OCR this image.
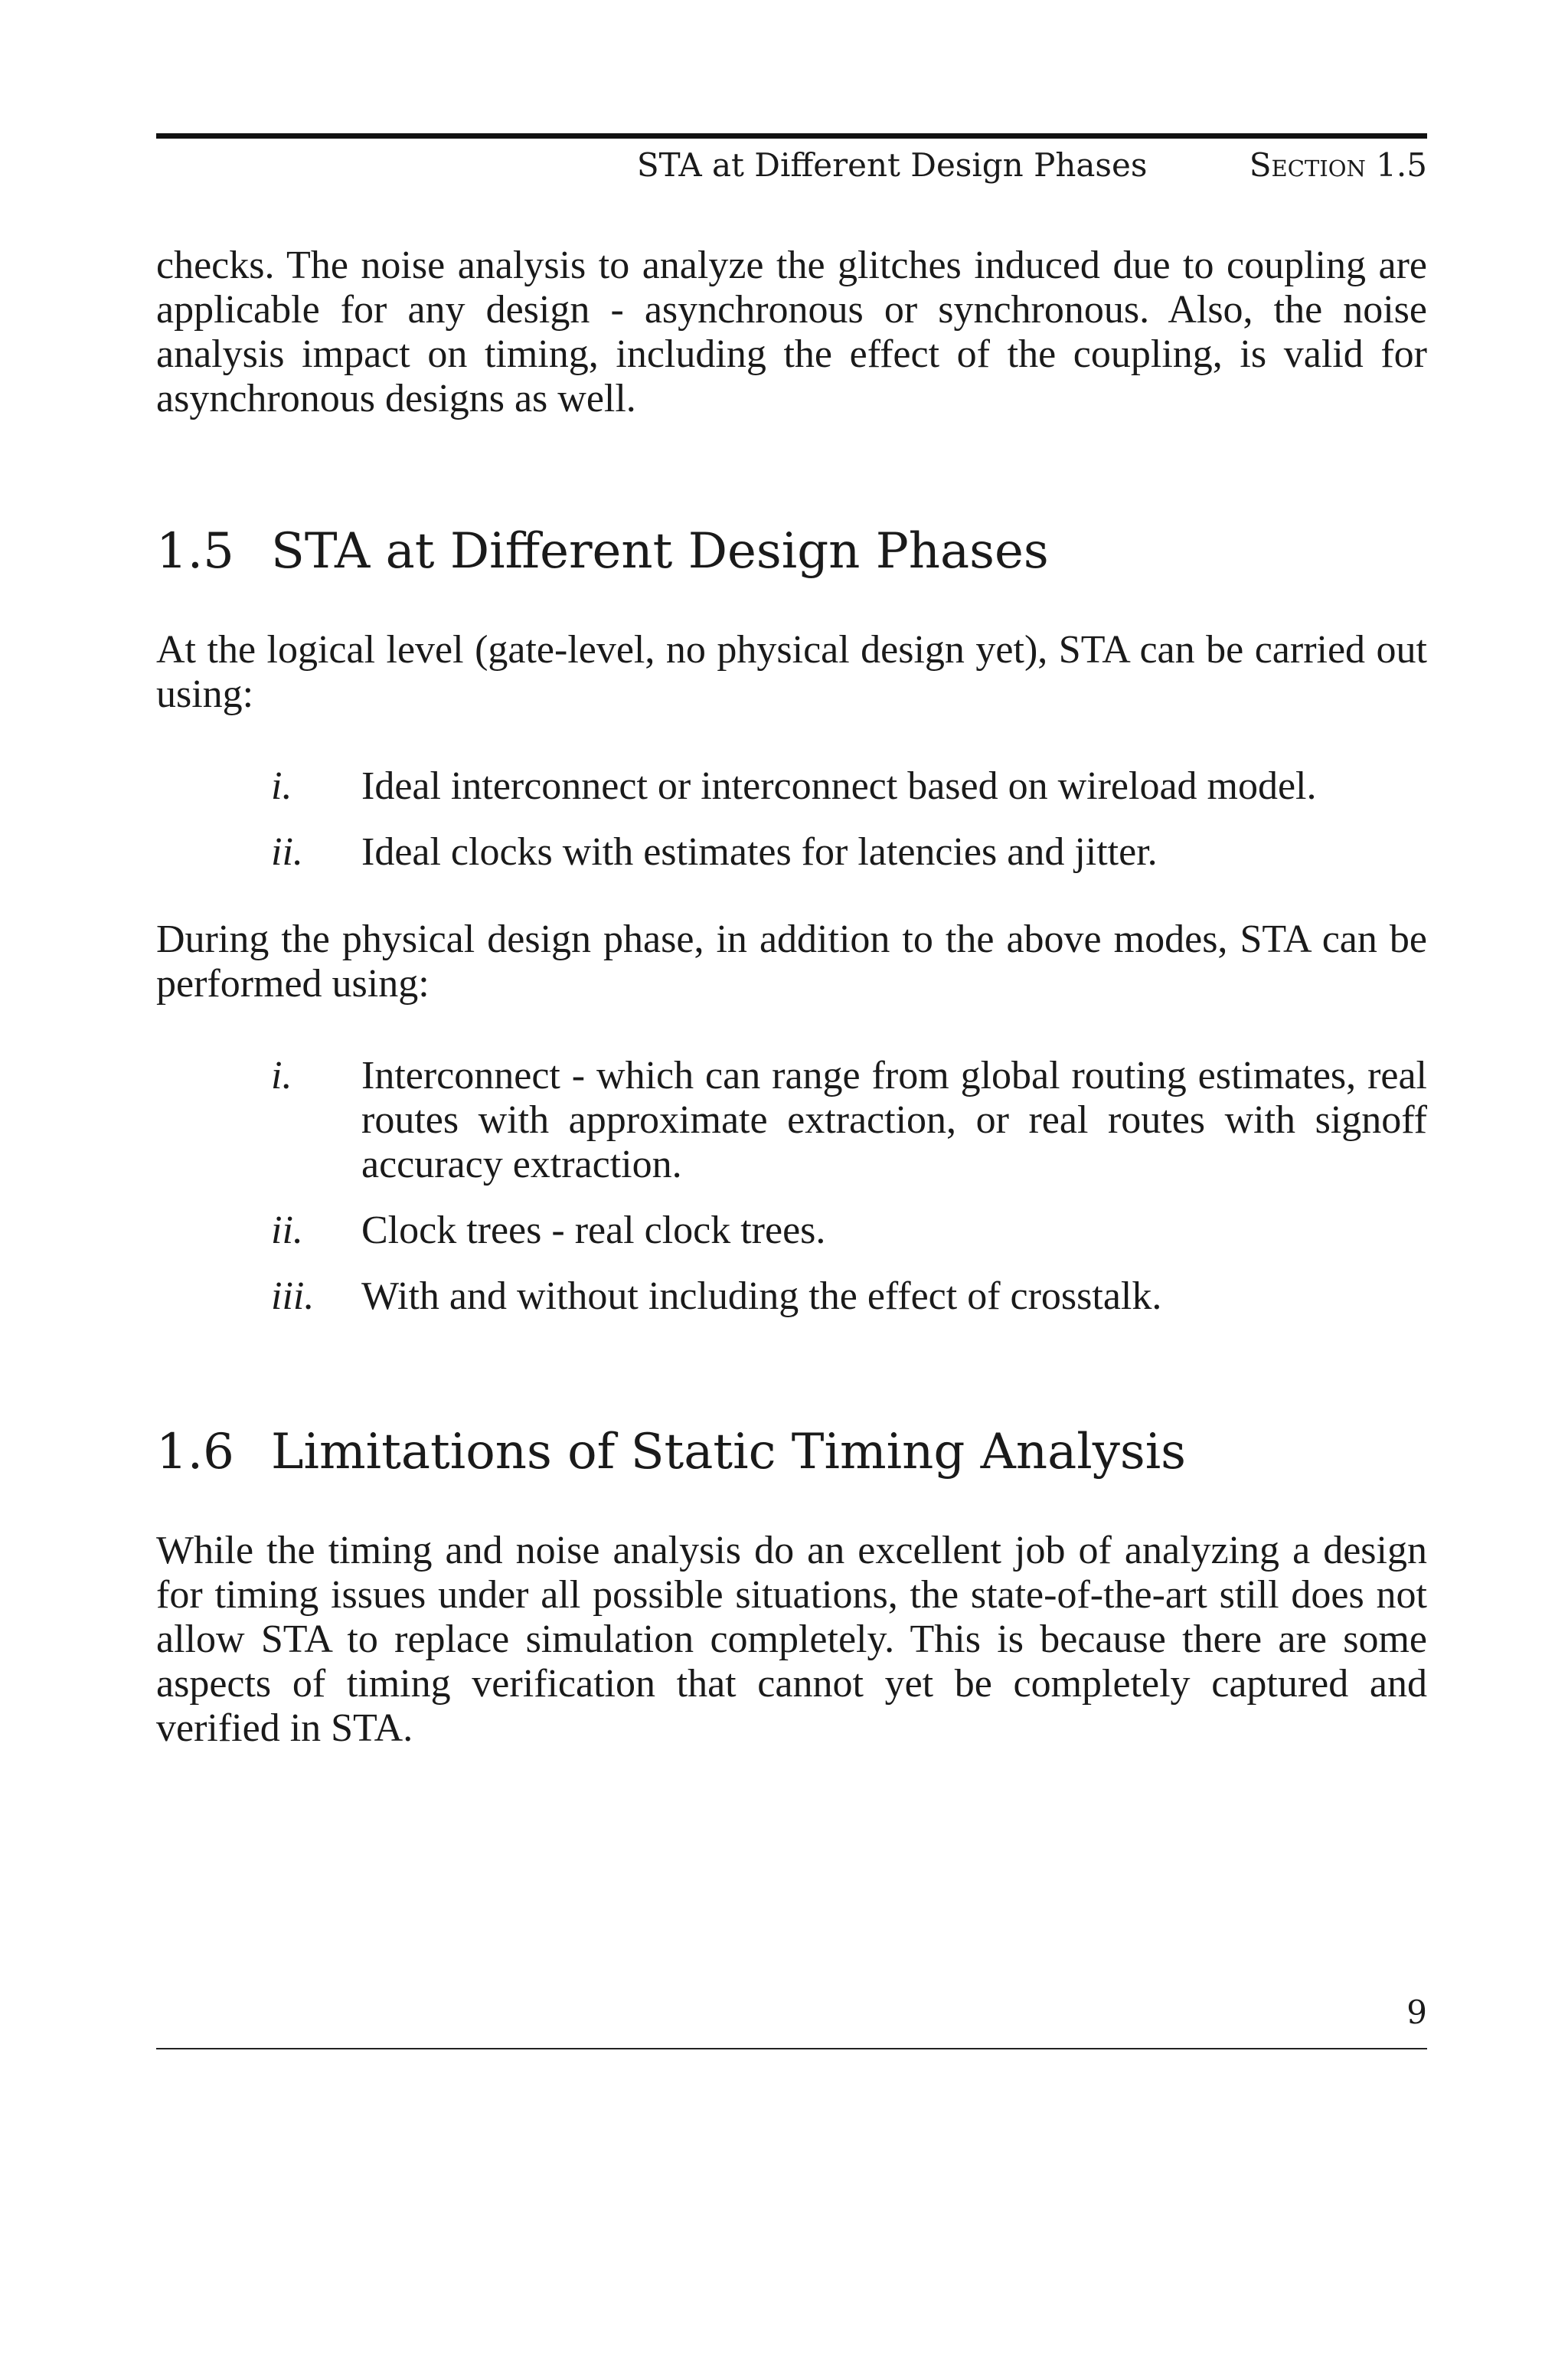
STA at Different Design Phases	Section 1.5

checks. The noise analysis to analyze the glitches induced due to coupling are applicable for any design - asynchronous or synchronous. Also, the noise analysis impact on timing, including the effect of the coupling, is valid for asynchronous designs as well.

1.5 STA at Different Design Phases

At the logical level (gate-level, no physical design yet), STA can be carried out using:

i.	Ideal interconnect or interconnect based on wireload model.
ii.	Ideal clocks with estimates for latencies and jitter.

During the physical design phase, in addition to the above modes, STA can be performed using:

i.	Interconnect - which can range from global routing estimates, real routes with approximate extraction, or real routes with signoff accuracy extraction.
ii.	Clock trees - real clock trees.
iii.	With and without including the effect of crosstalk.
1.6 Limitations of Static Timing Analysis

While the timing and noise analysis do an excellent job of analyzing a design for timing issues under all possible situations, the state-of-the-art still does not allow STA to replace simulation completely. This is because there are some aspects of timing verification that cannot yet be completely captured and verified in STA.

9
